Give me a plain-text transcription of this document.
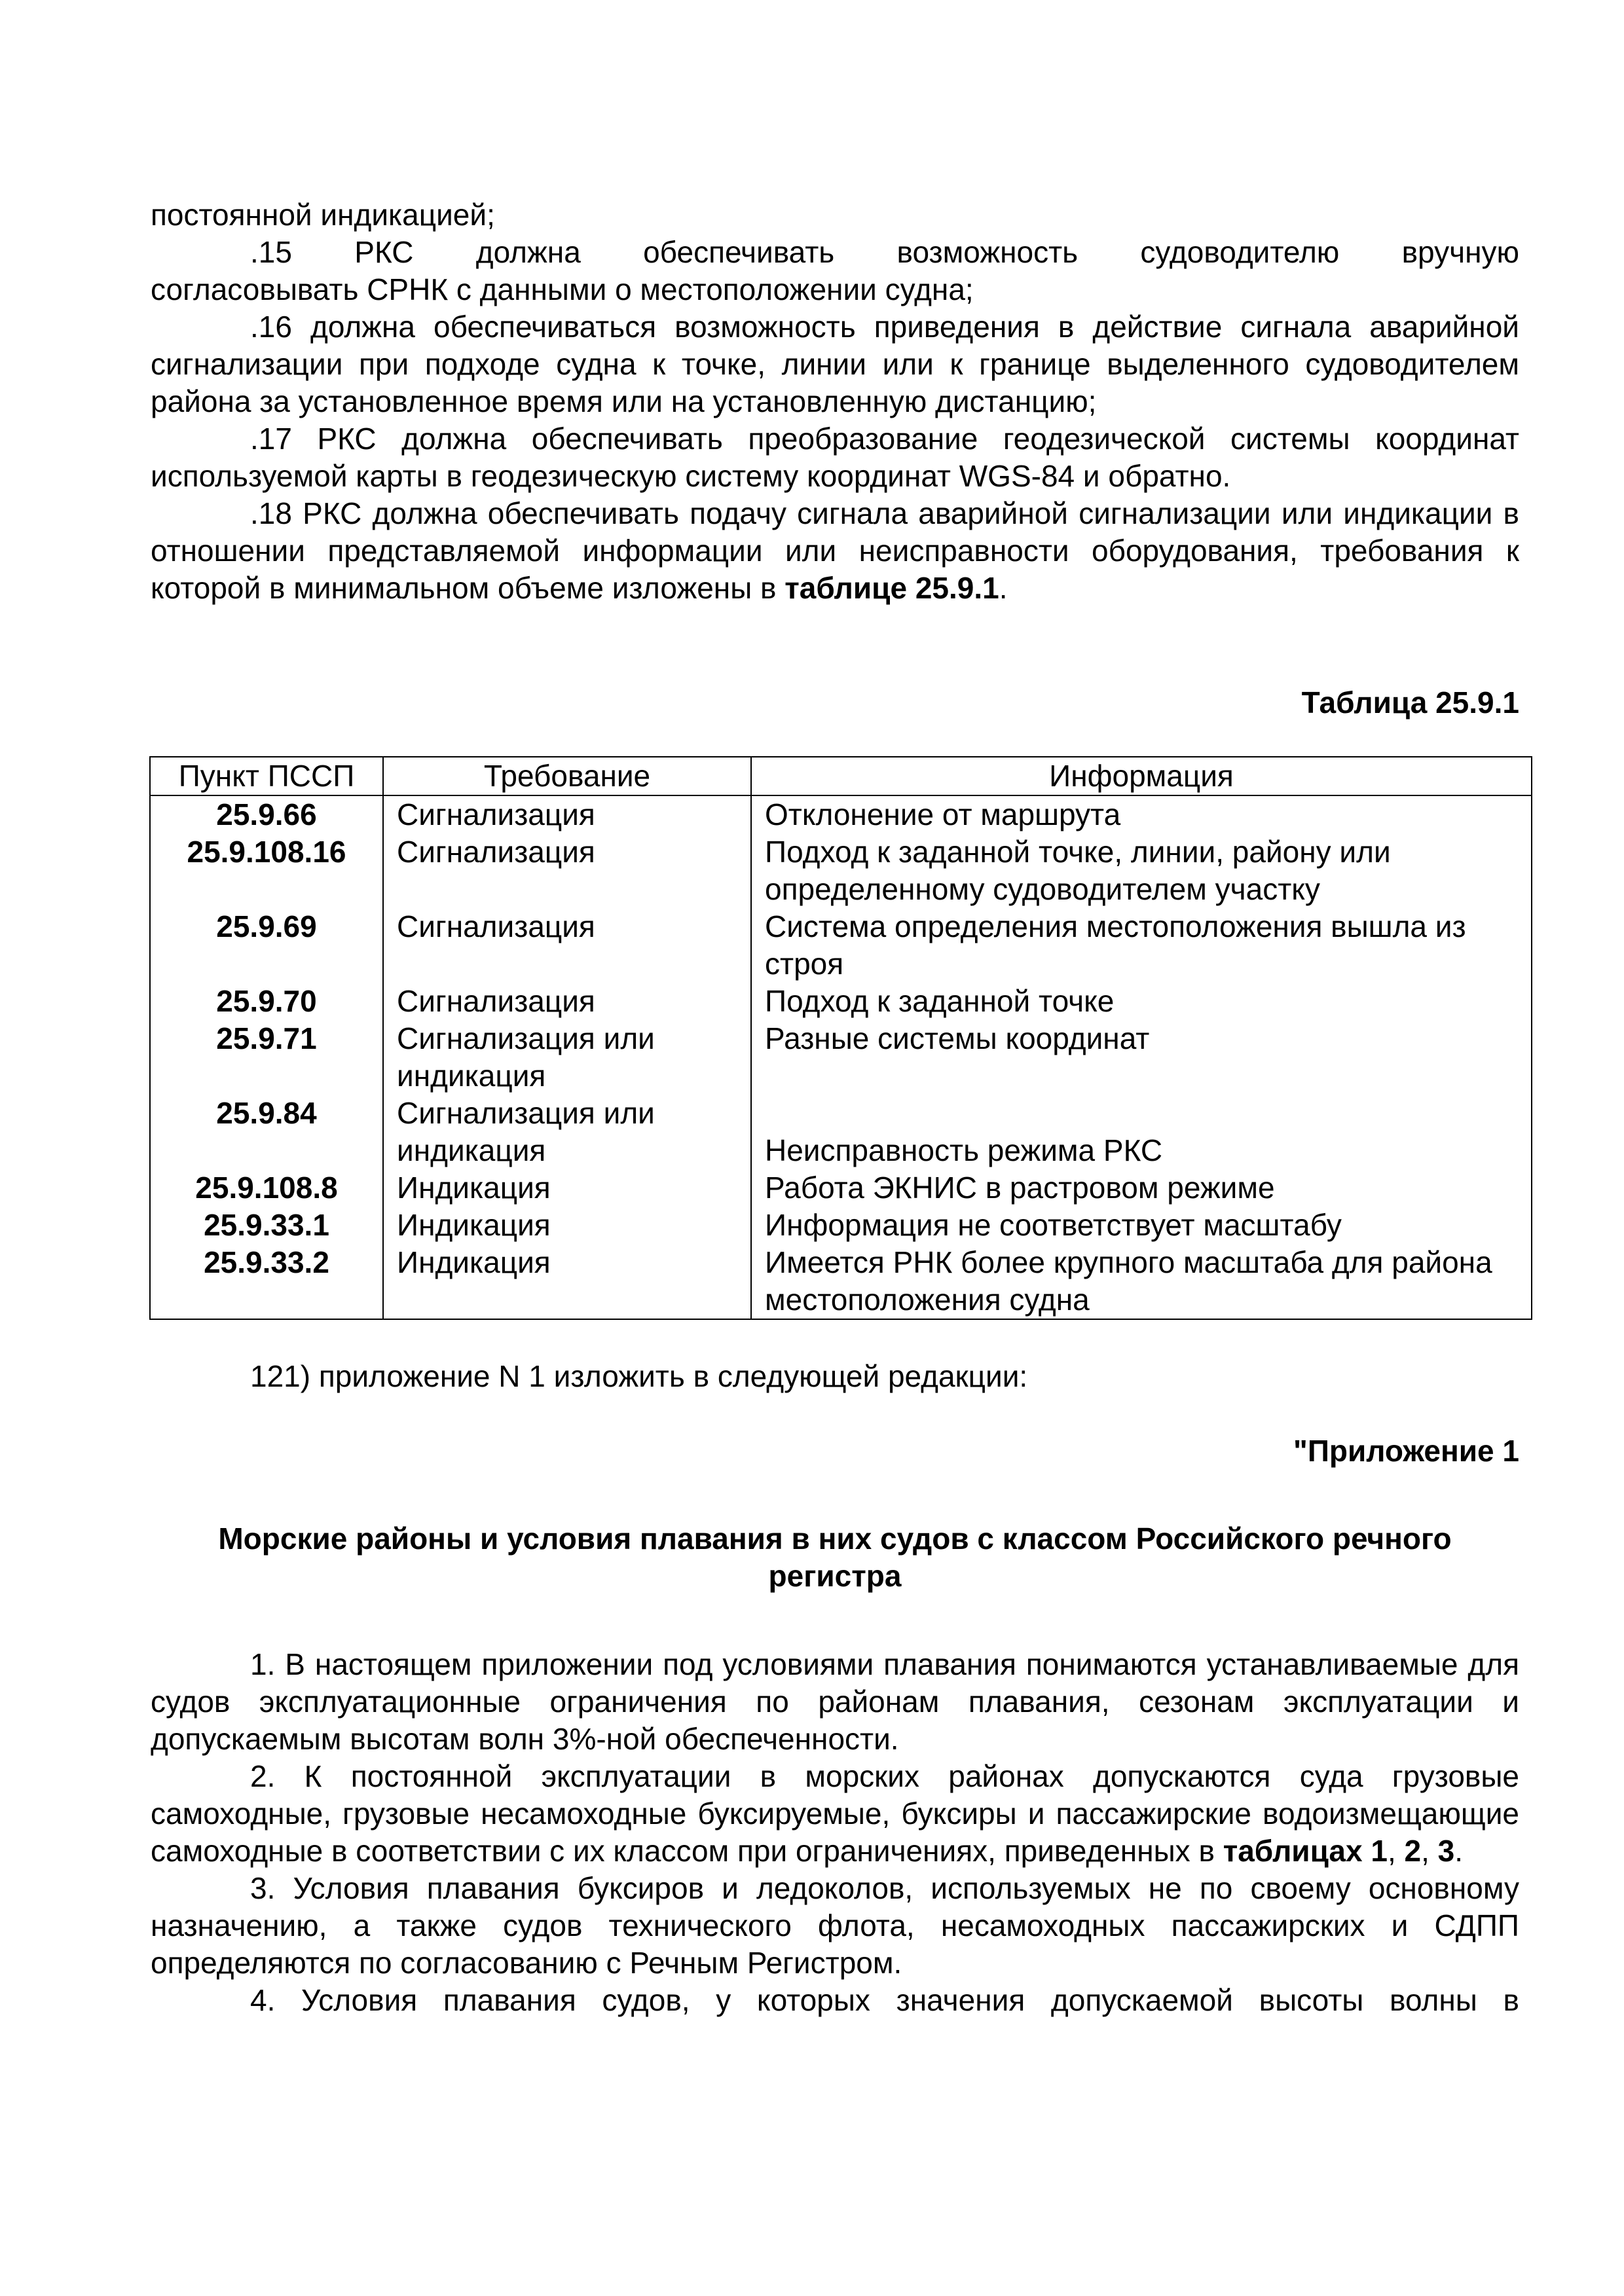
постоянной индикацией;

.15 РКС должна обеспечивать возможность судоводителю вручную

согласовывать СРНК с данными о местоположении судна;

.16 должна обеспечиваться возможность приведения в действие сигнала аварийной сигнализации при подходе судна к точке, линии или к границе выделенного судоводителем района за установленное время или на установленную дистанцию;

.17 РКС должна обеспечивать преобразование геодезической системы координат используемой карты в геодезическую систему координат WGS-84 и обратно.

.18 РКС должна обеспечивать подачу сигнала аварийной сигнализации или индикации в отношении представляемой информации или неисправности оборудования, требования к которой в минимальном объеме изложены в таблице 25.9.1.

Таблица 25.9.1

Пункт ПССП	Требование	Информация
25.9.66	Сигнализация	Отклонение от маршрута
25.9.108.16	Сигнализация	Подход к заданной точке, линии, району или определенному судоводителем участку
25.9.69	Сигнализация	Система определения местоположения вышла из строя
25.9.70	Сигнализация	Подход к заданной точке
25.9.71	Сигнализация или индикация	Разные системы координат
25.9.84	Сигнализация или индикация	Неисправность режима РКС
25.9.108.8	Индикация	Работа ЭКНИС в растровом режиме
25.9.33.1	Индикация	Информация не соответствует масштабу
25.9.33.2	Индикация	Имеется РНК более крупного масштаба для района местоположения судна

121) приложение N 1 изложить в следующей редакции:

"Приложение 1

Морские районы и условия плавания в них судов с классом Российского речного

регистра

1. В настоящем приложении под условиями плавания понимаются устанавливаемые для судов эксплуатационные ограничения по районам плавания, сезонам эксплуатации и допускаемым высотам волн 3%-ной обеспеченности.

2. К постоянной эксплуатации в морских районах допускаются суда грузовые самоходные, грузовые несамоходные буксируемые, буксиры и пассажирские водоизмещающие самоходные в соответствии с их классом при ограничениях, приведенных в таблицах 1, 2, 3.

3. Условия плавания буксиров и ледоколов, используемых не по своему основному назначению, а также судов технического флота, несамоходных пассажирских и СДПП определяются по согласованию с Речным Регистром.

4. Условия плавания судов, у которых значения допускаемой высоты волны в
